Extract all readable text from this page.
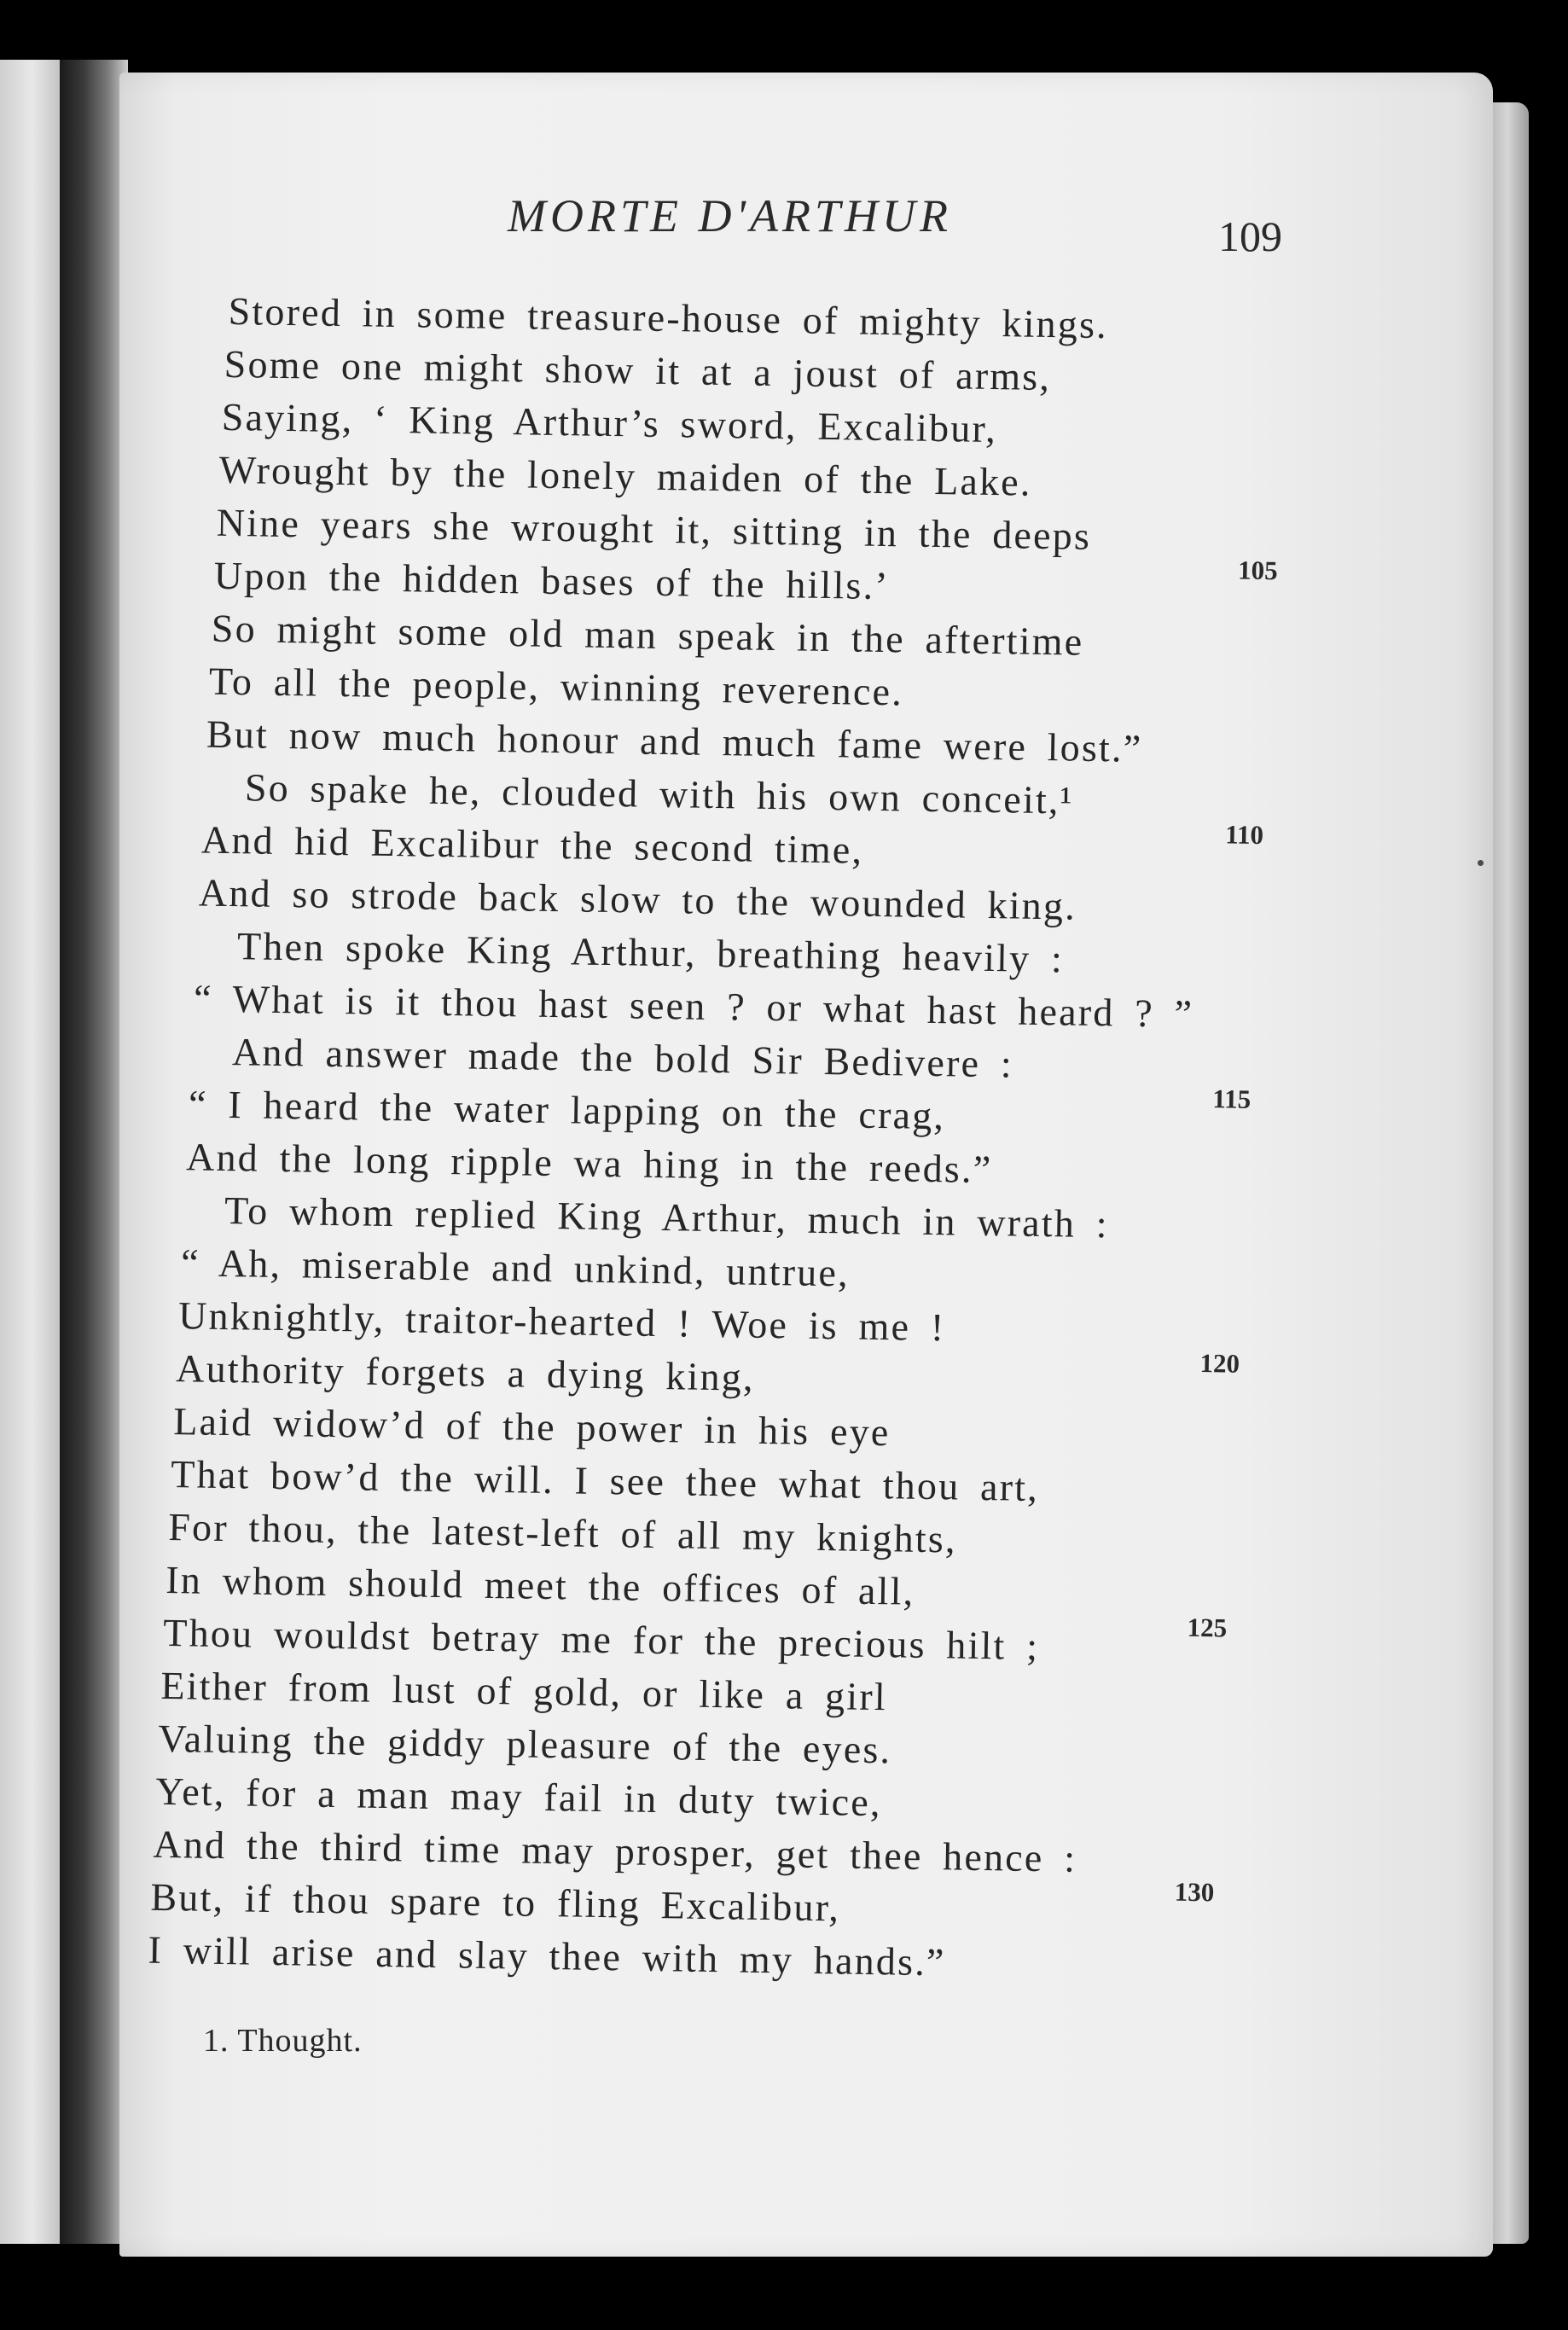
MORTE D'ARTHUR	109
Stored in some treasure-house of mighty kings.
Some one might show it at a joust of arms,
Saying, ‘ King Arthur’s sword, Excalibur,
Wrought by the lonely maiden of the Lake.
Nine years she wrought it, sitting in the deeps
Upon the hidden bases of the hills.’
So might some old man speak in the aftertime
To all the people, winning reverence.
But now much honour and much fame were lost.”
So spake he, clouded with his own conceit,¹
And hid Excalibur the second time,
And so strode back slow to the wounded king.
Then spoke King Arthur, breathing heavily :
“ What is it thou hast seen ? or what hast heard ? ”
And answer made the bold Sir Bedivere :
“ I heard the water lapping on the crag,
And the long ripple wa hing in the reeds.”
To whom replied King Arthur, much in wrath :
“ Ah, miserable and unkind, untrue,
Unknightly, traitor-hearted ! Woe is me !
Authority forgets a dying king,
Laid widow’d of the power in his eye
That bow’d the will. I see thee what thou art,
For thou, the latest-left of all my knights,
In whom should meet the offices of all,
Thou wouldst betray me for the precious hilt ;
Either from lust of gold, or like a girl
Valuing the giddy pleasure of the eyes.
Yet, for a man may fail in duty twice,
And the third time may prosper, get thee hence :
But, if thou spare to fling Excalibur,
I will arise and slay thee with my hands.”
105
110
115
120
125
130
1. Thought.
